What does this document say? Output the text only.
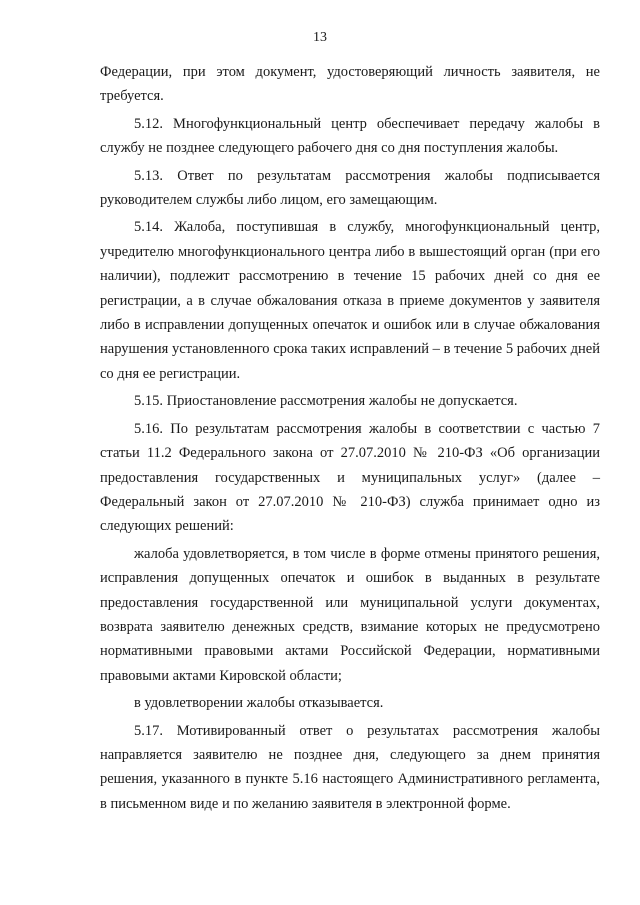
13

Федерации, при этом документ, удостоверяющий личность заявителя, не требуется.

5.12. Многофункциональный центр обеспечивает передачу жалобы в службу не позднее следующего рабочего дня со дня поступления жалобы.

5.13. Ответ по результатам рассмотрения жалобы подписывается руководителем службы либо лицом, его замещающим.

5.14. Жалоба, поступившая в службу, многофункциональный центр, учредителю многофункционального центра либо в вышестоящий орган (при его наличии), подлежит рассмотрению в течение 15 рабочих дней со дня ее регистрации, а в случае обжалования отказа в приеме документов у заявителя либо в исправлении допущенных опечаток и ошибок или в случае обжалования нарушения установленного срока таких исправлений – в течение 5 рабочих дней со дня ее регистрации.

5.15. Приостановление рассмотрения жалобы не допускается.

5.16. По результатам рассмотрения жалобы в соответствии с частью 7 статьи 11.2 Федерального закона от 27.07.2010 № 210-ФЗ «Об организации предоставления государственных и муниципальных услуг» (далее – Федеральный закон от 27.07.2010 № 210-ФЗ) служба принимает одно из следующих решений:

жалоба удовлетворяется, в том числе в форме отмены принятого решения, исправления допущенных опечаток и ошибок в выданных в результате предоставления государственной или муниципальной услуги документах, возврата заявителю денежных средств, взимание которых не предусмотрено нормативными правовыми актами Российской Федерации, нормативными правовыми актами Кировской области;

в удовлетворении жалобы отказывается.

5.17. Мотивированный ответ о результатах рассмотрения жалобы направляется заявителю не позднее дня, следующего за днем принятия решения, указанного в пункте 5.16 настоящего Административного регламента, в письменном виде и по желанию заявителя в электронной форме.
